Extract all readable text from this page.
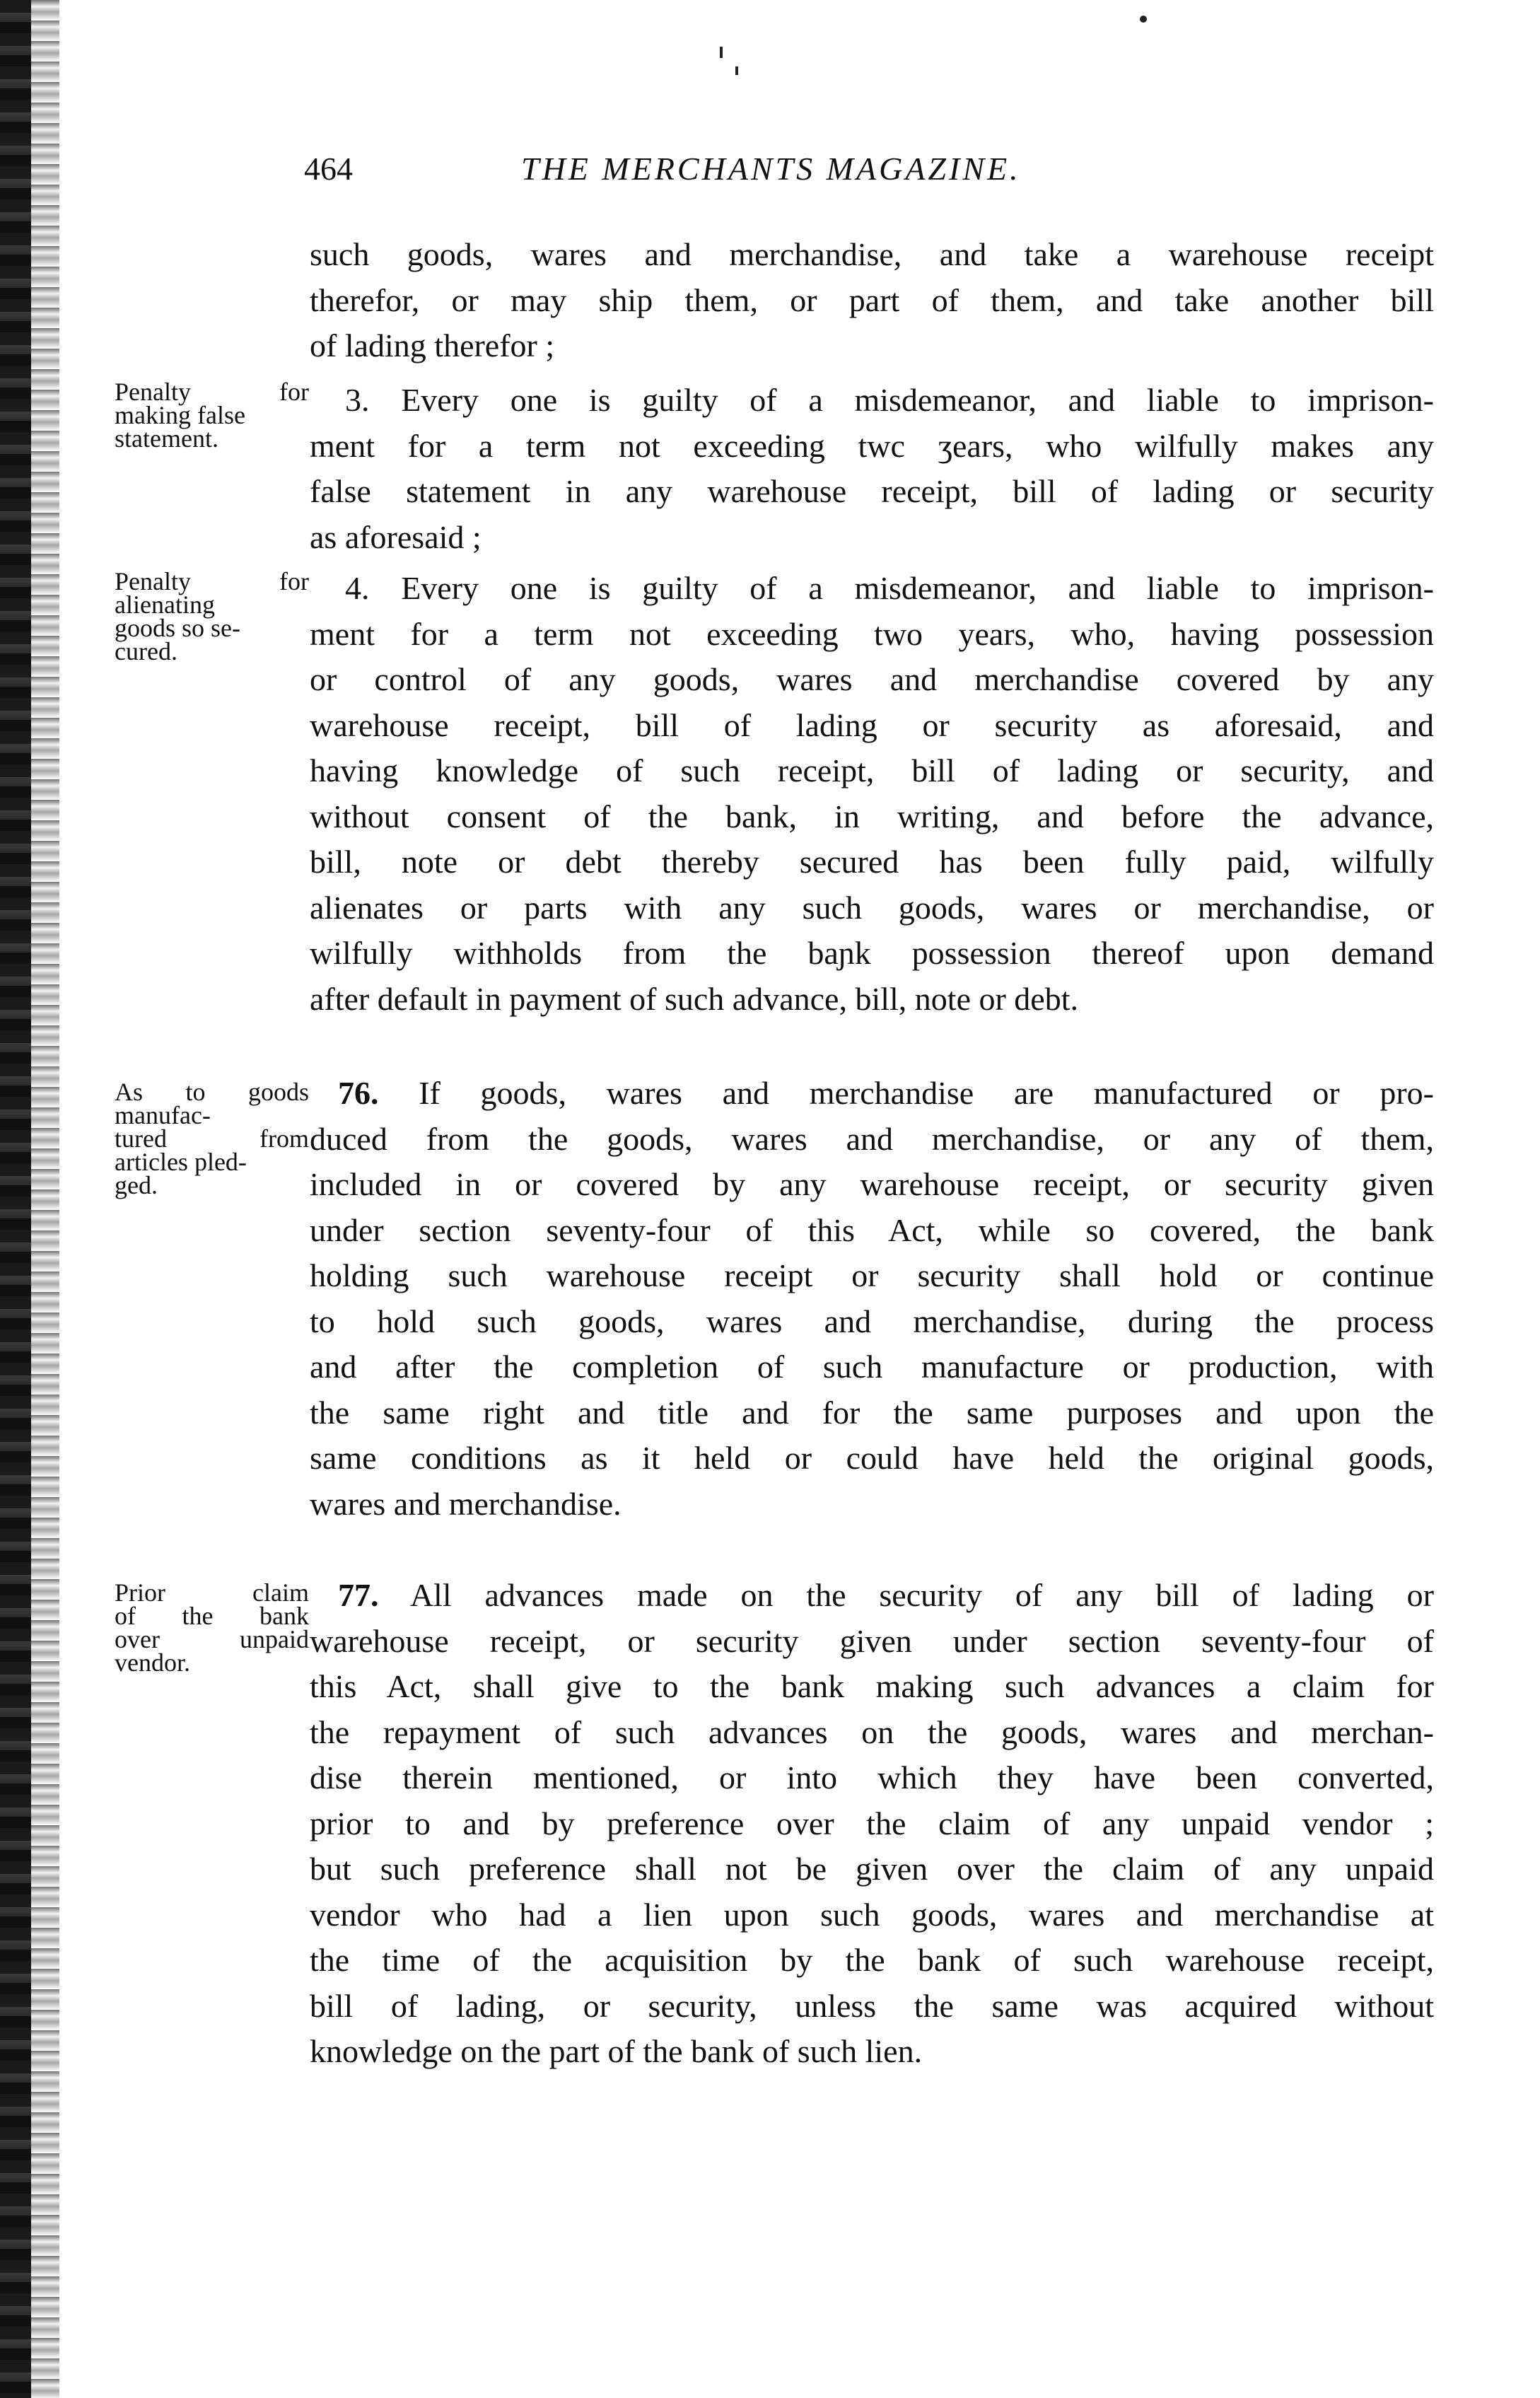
464	THE MERCHANTS MAGAZINE.
such goods, wares and merchandise, and take a warehouse receipt
therefor, or may ship them, or part of them, and take another bill
of lading therefor ;
Penalty for
making false
statement.
3. Every one is guilty of a misdemeanor, and liable to imprison-
ment for a term not exceeding twc ʒears, who wilfully makes any
false statement in any warehouse receipt, bill of lading or security
as aforesaid ;
Penalty for
alienating
goods so se-
cured.
4. Every one is guilty of a misdemeanor, and liable to imprison-
ment for a term not exceeding two years, who, having possession
or control of any goods, wares and merchandise covered by any
warehouse receipt, bill of lading or security as aforesaid, and
having knowledge of such receipt, bill of lading or security, and
without consent of the bank, in writing, and before the advance,
bill, note or debt thereby secured has been fully paid, wilfully
alienates or parts with any such goods, wares or merchandise, or
wilfully withholds from the baɲk possession thereof upon demand
after default in payment of such advance, bill, note or debt.
As to goods
manufac-
tured from
articles pled-
ged.
76. If goods, wares and merchandise are manufactured or pro-
duced from the goods, wares and merchandise, or any of them,
included in or covered by any warehouse receipt, or security given
under section seventy-four of this Act, while so covered, the bank
holding such warehouse receipt or security shall hold or continue
to hold such goods, wares and merchandise, during the process
and after the completion of such manufacture or production, with
the same right and title and for the same purposes and upon the
same conditions as it held or could have held the original goods,
wares and merchandise.
Prior claim
of the bank
over unpaid
vendor.
77. All advances made on the security of any bill of lading or
warehouse receipt, or security given under section seventy-four of
this Act, shall give to the bank making such advances a claim for
the repayment of such advances on the goods, wares and merchan-
dise therein mentioned, or into which they have been converted,
prior to and by preference over the claim of any unpaid vendor ;
but such preference shall not be given over the claim of any unpaid
vendor who had a lien upon such goods, wares and merchandise at
the time of the acquisition by the bank of such warehouse receipt,
bill of lading, or security, unless the same was acquired without
knowledge on the part of the bank of such lien.
